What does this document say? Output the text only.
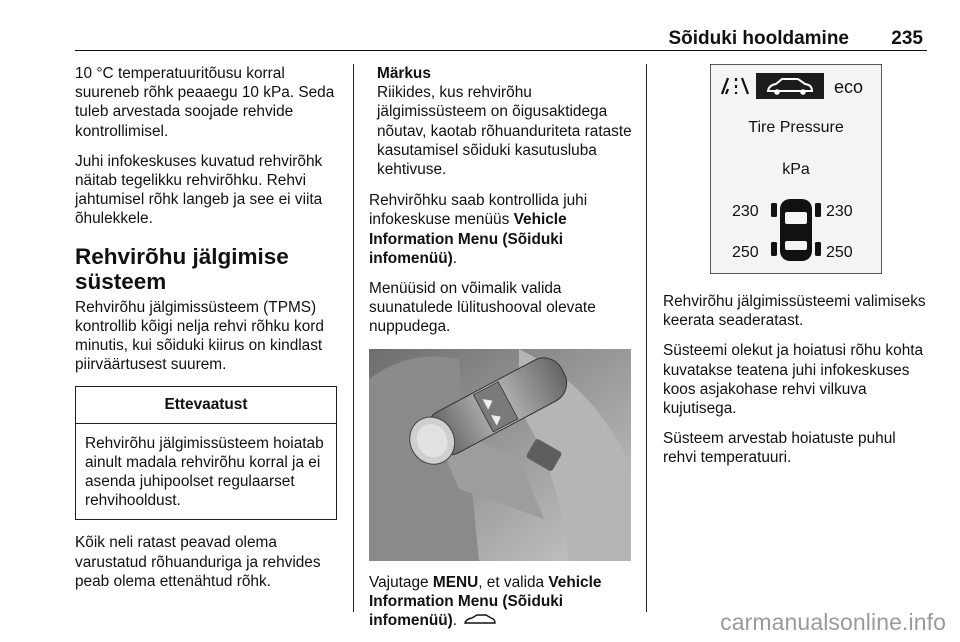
Sõiduki hooldamine 235

10 °C temperatuuritõusu korral suureneb rõhk peaaegu 10 kPa. Seda tuleb arvestada soojade rehvide kontrollimisel.

Juhi infokeskuses kuvatud rehvirõhk näitab tegelikku rehvirõhku. Rehvi jahtumisel rõhk langeb ja see ei viita õhulekkele.

Rehvirõhu jälgimise süsteem

Rehvirõhu jälgimissüsteem (TPMS) kontrollib kõigi nelja rehvi rõhku kord minutis, kui sõiduki kiirus on kindlast piirväärtusest suurem.

Ettevaatust
Rehvirõhu jälgimissüsteem hoiatab ainult madala rehvirõhu korral ja ei asenda juhipoolset regulaarset rehvihooldust.

Kõik neli ratast peavad olema varustatud rõhuanduriga ja rehvides peab olema ettenähtud rõhk.

Märkus
Riikides, kus rehvirõhu jälgimissüsteem on õigusaktidega nõutav, kaotab rõhuanduriteta rataste kasutamisel sõiduki kasutusluba kehtivuse.

Rehvirõhku saab kontrollida juhi infokeskuse menüüs Vehicle Information Menu (Sõiduki infomenüü).

Menüüsid on võimalik valida suunatulede lülitushooval olevate nuppudega.

Vajutage MENU, et valida Vehicle Information Menu (Sõiduki infomenüü).

eco
Tire Pressure
kPa
230	230
250	250

Rehvirõhu jälgimissüsteemi valimiseks keerata seaderatast.

Süsteemi olekut ja hoiatusi rõhu kohta kuvatakse teatena juhi infokeskuses koos asjakohase rehvi vilkuva kujutisega.

Süsteem arvestab hoiatuste puhul rehvi temperatuuri.

carmanualsonline.info
